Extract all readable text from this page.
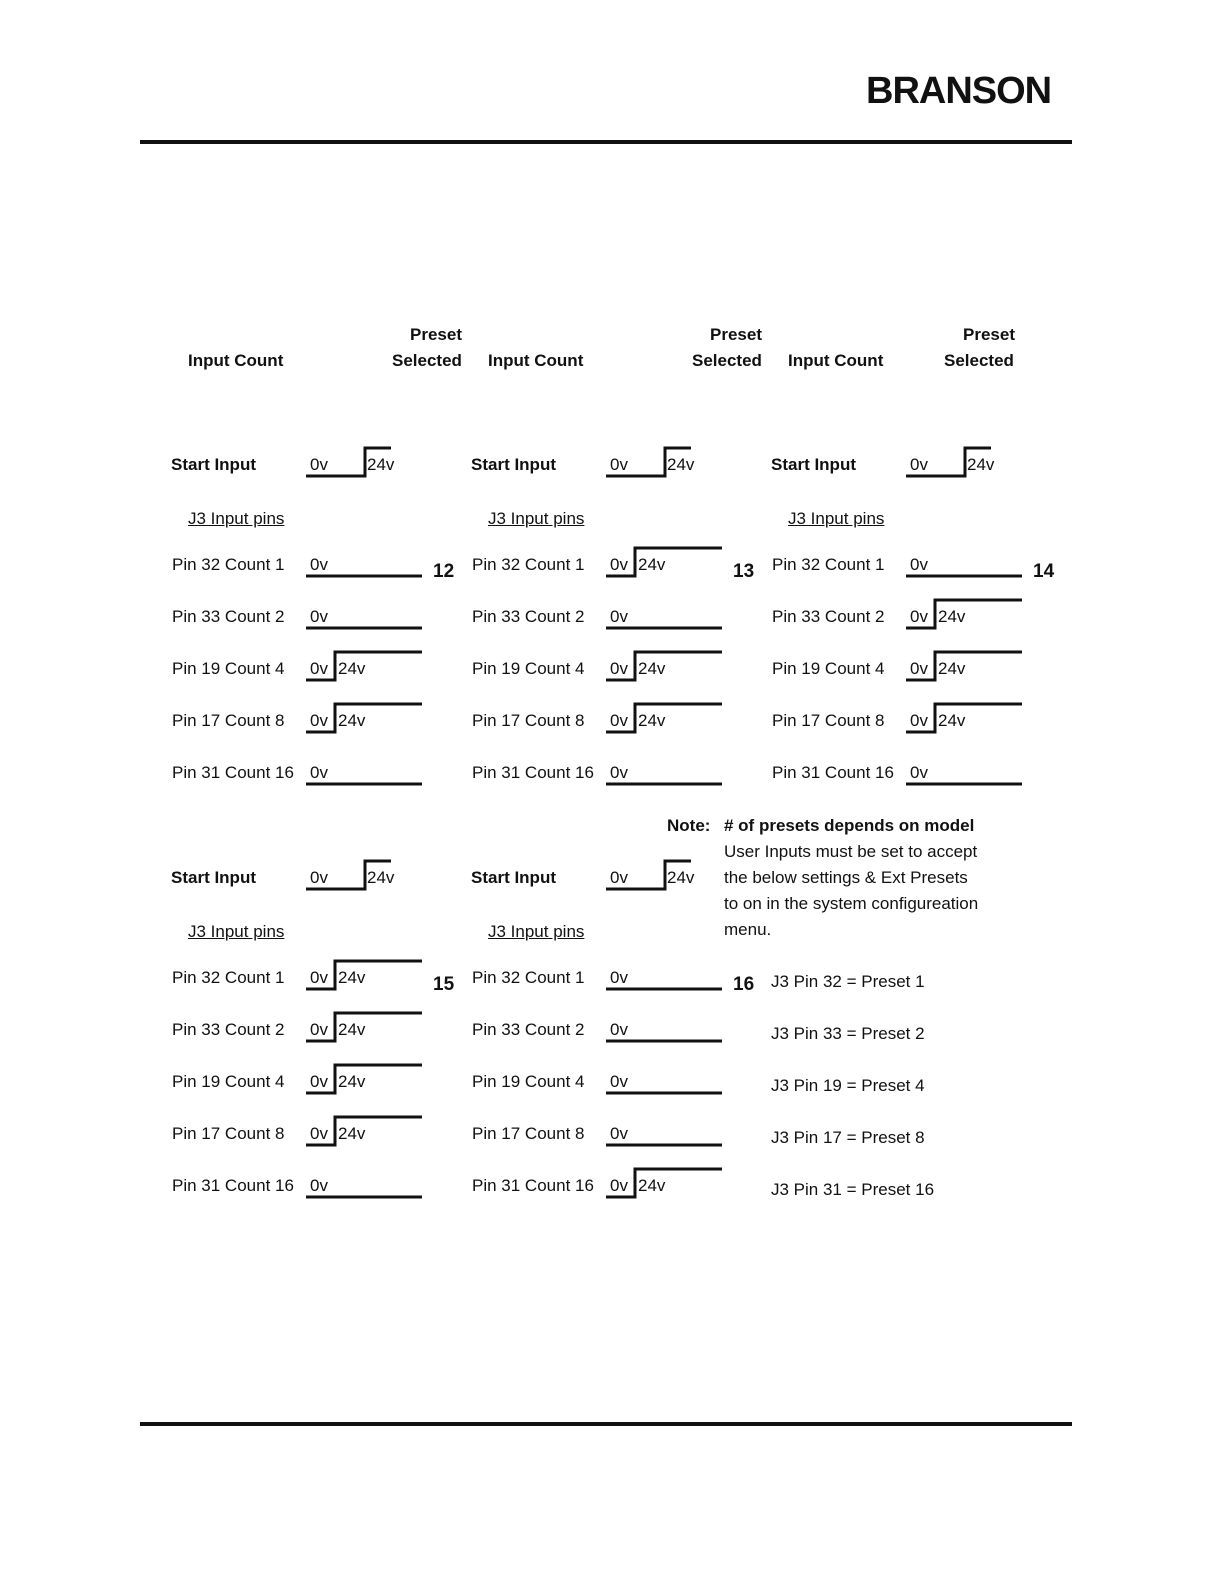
BRANSON
Preset
Selected
Input Count
Preset
Selected
Input Count
Preset
Selected
Input Count
Start Input	0v 24v
J3 Input pins
Pin 32 Count 1 0v
Pin 33 Count 2 0v
Pin 19 Count 4 0v 24v
Pin 17 Count 8 0v 24v
Pin 31 Count 16 0v
12
Start Input	0v 24v
J3 Input pins
Pin 32 Count 1 0v 24v
Pin 33 Count 2 0v
Pin 19 Count 4 0v 24v
Pin 17 Count 8 0v 24v
Pin 31 Count 16 0v
13
Start Input	0v 24v
J3 Input pins
Pin 32 Count 1 0v
Pin 33 Count 2 0v 24v
Pin 19 Count 4 0v 24v
Pin 17 Count 8 0v 24v
Pin 31 Count 16 0v
14
Start Input	0v 24v
J3 Input pins
Pin 32 Count 1 0v 24v
Pin 33 Count 2 0v 24v
Pin 19 Count 4 0v 24v
Pin 17 Count 8 0v 24v
Pin 31 Count 16 0v
15
Start Input	0v 24v
J3 Input pins
Pin 32 Count 1 0v
Pin 33 Count 2 0v
Pin 19 Count 4 0v
Pin 17 Count 8 0v
Pin 31 Count 16 0v 24v
16
Note: # of presets depends on model
User Inputs must be set to accept
the below settings & Ext Presets
to on in the system configureation
menu.
J3 Pin 32 = Preset 1
J3 Pin 33 = Preset 2
J3 Pin 19 = Preset 4
J3 Pin 17 = Preset 8
J3 Pin 31 = Preset 16
